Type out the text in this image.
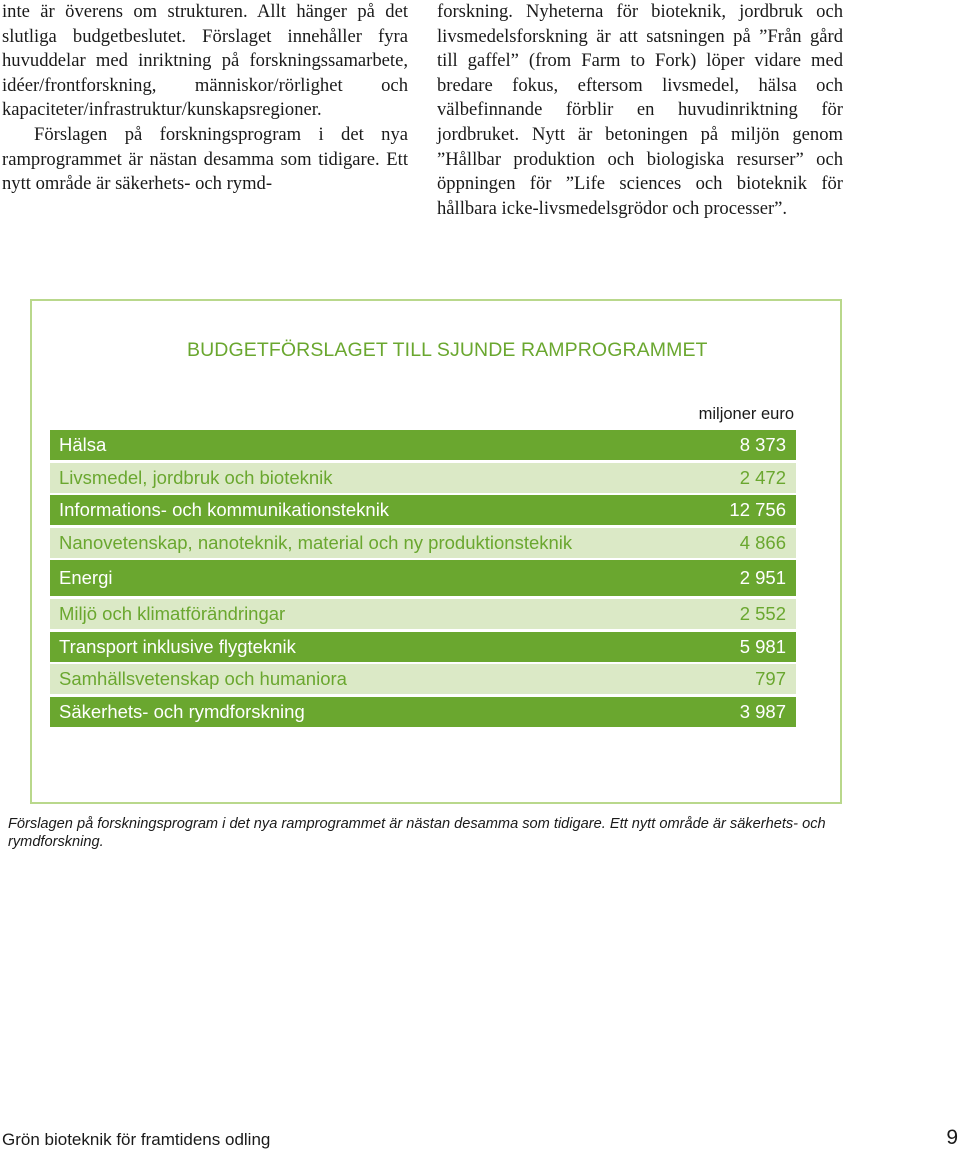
inte är överens om strukturen. Allt hänger på det slutliga budgetbeslutet. Förslaget innehåller fyra huvuddelar med inriktning på forskningssamarbete, idéer/frontforskning, människor/rörlighet och kapaciteter/infrastruktur/kunskapsregioner.

Förslagen på forskningsprogram i det nya ramprogrammet är nästan desamma som tidigare. Ett nytt område är säkerhets- och rymd-

forskning. Nyheterna för bioteknik, jordbruk och livsmedelsforskning är att satsningen på ”Från gård till gaffel” (from Farm to Fork) löper vidare med bredare fokus, eftersom livsmedel, hälsa och välbefinnande förblir en huvudinriktning för jordbruket. Nytt är betoningen på miljön genom ”Hållbar produktion och biologiska resurser” och öppningen för ”Life sciences och bioteknik för hållbara icke-livsmedelsgrödor och processer”.

BUDGETFÖRSLAGET TILL SJUNDE RAMPROGRAMMET
miljoner euro
Hälsa	8 373
Livsmedel, jordbruk och bioteknik	2 472
Informations- och kommunikationsteknik	12 756
Nanovetenskap, nanoteknik, material och ny produktionsteknik	4 866
Energi	2 951
Miljö och klimatförändringar	2 552
Transport inklusive flygteknik	5 981
Samhällsvetenskap och humaniora	797
Säkerhets- och rymdforskning	3 987
Förslagen på forskningsprogram i det nya ramprogrammet är nästan desamma som tidigare. Ett nytt område är säkerhets- och rymdforskning.
Grön bioteknik för framtidens odling	9
